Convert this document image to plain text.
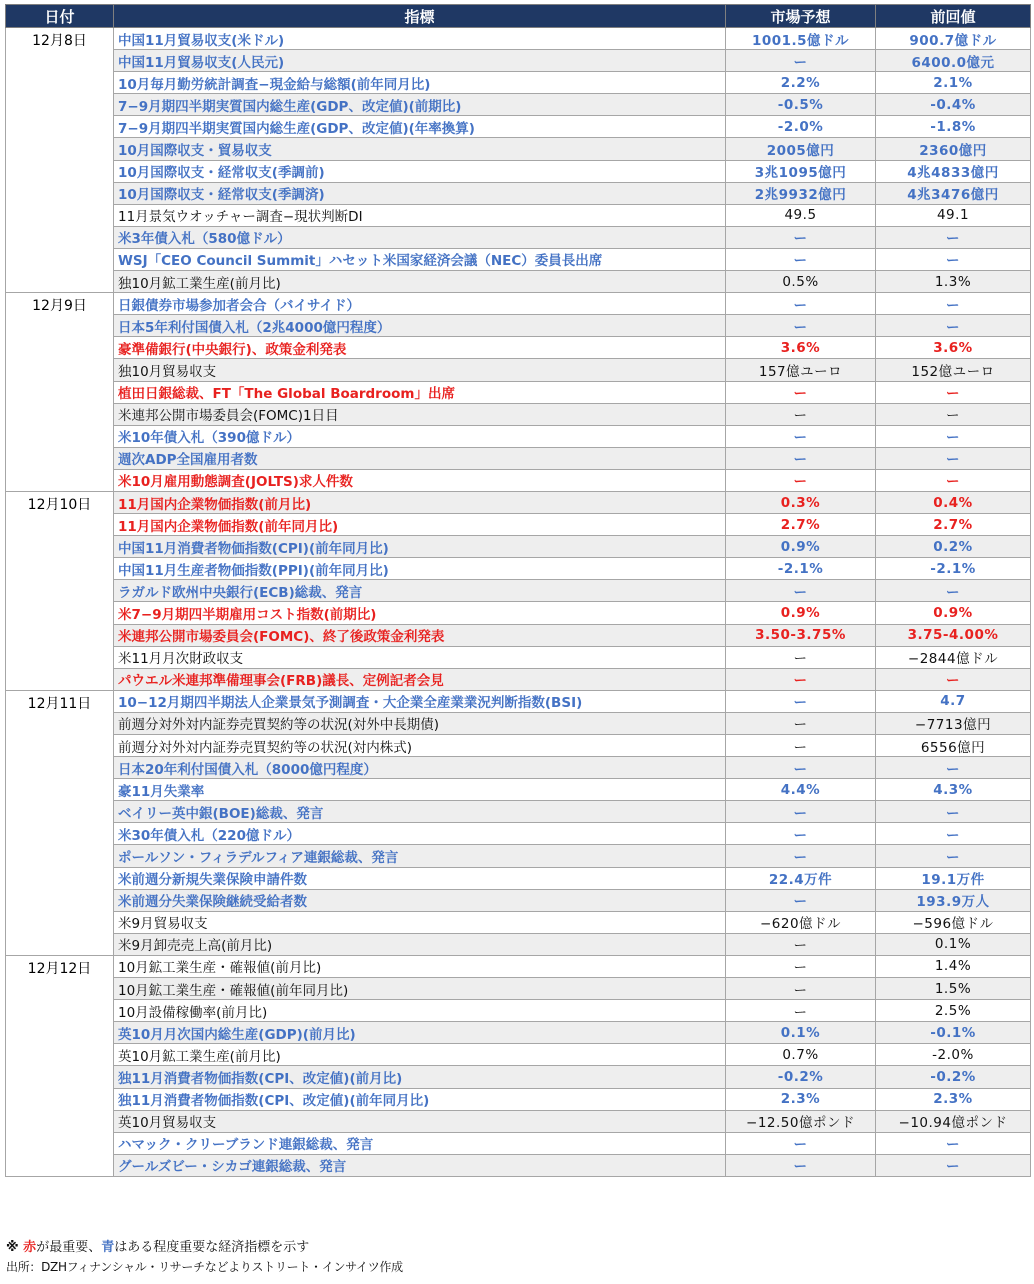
日付	指標	市場予想	前回値
12月8日	中国11月貿易収支(米ドル)	1001.5億ドル	900.7億ドル
	中国11月貿易収支(人民元)	ー	6400.0億元
	10月毎月勤労統計調査−現金給与総額(前年同月比)	2.2%	2.1%
	7−9月期四半期実質国内総生産(GDP、改定値)(前期比)	-0.5%	-0.4%
	7−9月期四半期実質国内総生産(GDP、改定値)(年率換算)	-2.0%	-1.8%
	10月国際収支・貿易収支	2005億円	2360億円
	10月国際収支・経常収支(季調前)	3兆1095億円	4兆4833億円
	10月国際収支・経常収支(季調済)	2兆9932億円	4兆3476億円
	11月景気ウオッチャー調査−現状判断DI	49.5	49.1
	米3年債入札（580億ドル）	ー	ー
	WSJ「CEO Council Summit」ハセット米国家経済会議（NEC）委員長出席	ー	ー
	独10月鉱工業生産(前月比)	0.5%	1.3%
12月9日	日銀債券市場参加者会合（バイサイド）	ー	ー
	日本5年利付国債入札（2兆4000億円程度）	ー	ー
	豪準備銀行(中央銀行)、政策金利発表	3.6%	3.6%
	独10月貿易収支	157億ユーロ	152億ユーロ
	植田日銀総裁、FT「The Global Boardroom」出席	ー	ー
	米連邦公開市場委員会(FOMC)1日目	ー	ー
	米10年債入札（390億ドル）	ー	ー
	週次ADP全国雇用者数	ー	ー
	米10月雇用動態調査(JOLTS)求人件数	ー	ー
12月10日	11月国内企業物価指数(前月比)	0.3%	0.4%
	11月国内企業物価指数(前年同月比)	2.7%	2.7%
	中国11月消費者物価指数(CPI)(前年同月比)	0.9%	0.2%
	中国11月生産者物価指数(PPI)(前年同月比)	-2.1%	-2.1%
	ラガルド欧州中央銀行(ECB)総裁、発言	ー	ー
	米7−9月期四半期雇用コスト指数(前期比)	0.9%	0.9%
	米連邦公開市場委員会(FOMC)、終了後政策金利発表	3.50-3.75%	3.75-4.00%
	米11月月次財政収支	ー	−2844億ドル
	パウエル米連邦準備理事会(FRB)議長、定例記者会見	ー	ー
12月11日	10−12月期四半期法人企業景気予測調査・大企業全産業業況判断指数(BSI)	ー	4.7
	前週分対外対内証券売買契約等の状況(対外中長期債)	ー	−7713億円
	前週分対外対内証券売買契約等の状況(対内株式)	ー	6556億円
	日本20年利付国債入札（8000億円程度）	ー	ー
	豪11月失業率	4.4%	4.3%
	ベイリー英中銀(BOE)総裁、発言	ー	ー
	米30年債入札（220億ドル）	ー	ー
	ポールソン・フィラデルフィア連銀総裁、発言	ー	ー
	米前週分新規失業保険申請件数	22.4万件	19.1万件
	米前週分失業保険継続受給者数	ー	193.9万人
	米9月貿易収支	−620億ドル	−596億ドル
	米9月卸売売上高(前月比)	ー	0.1%
12月12日	10月鉱工業生産・確報値(前月比)	ー	1.4%
	10月鉱工業生産・確報値(前年同月比)	ー	1.5%
	10月設備稼働率(前月比)	ー	2.5%
	英10月月次国内総生産(GDP)(前月比)	0.1%	-0.1%
	英10月鉱工業生産(前月比)	0.7%	-2.0%
	独11月消費者物価指数(CPI、改定値)(前月比)	-0.2%	-0.2%
	独11月消費者物価指数(CPI、改定値)(前年同月比)	2.3%	2.3%
	英10月貿易収支	−12.50億ポンド	−10.94億ポンド
	ハマック・クリーブランド連銀総裁、発言	ー	ー
	グールズビー・シカゴ連銀総裁、発言	ー	ー
※ 赤が最重要、青はある程度重要な経済指標を示す
出所：DZHフィナンシャル・リサーチなどよりストリート・インサイツ作成
